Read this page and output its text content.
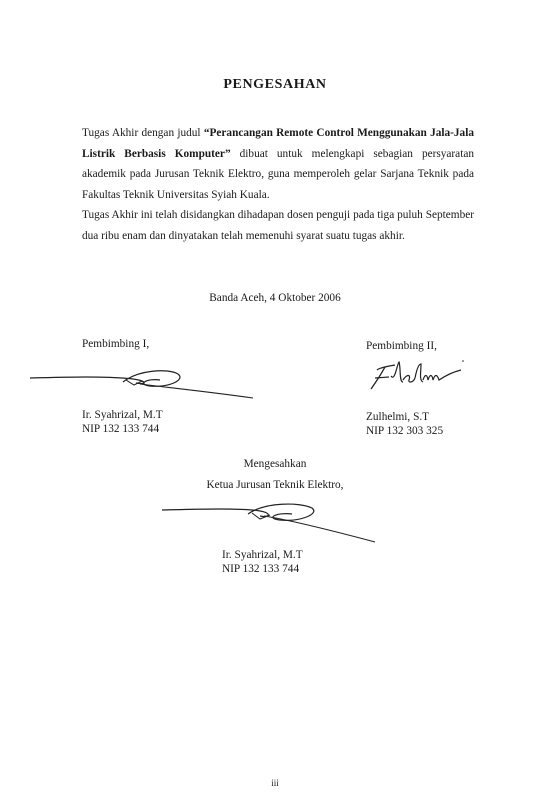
PENGESAHAN
Tugas Akhir dengan judul “Perancangan Remote Control Menggunakan Jala-Jala Listrik Berbasis Komputer” dibuat untuk melengkapi sebagian persyaratan akademik pada Jurusan Teknik Elektro, guna memperoleh gelar Sarjana Teknik pada Fakultas Teknik Universitas Syiah Kuala.
Tugas Akhir ini telah disidangkan dihadapan dosen penguji pada tiga puluh September dua ribu enam dan dinyatakan telah memenuhi syarat suatu tugas akhir.
Banda Aceh, 4 Oktober 2006
Pembimbing I,
Ir. Syahrizal, M.T
NIP 132 133 744
Pembimbing II,
Zulhelmi, S.T
NIP 132 303 325
Mengesahkan
Ketua Jurusan Teknik Elektro,
Ir. Syahrizal, M.T
NIP 132 133 744
iii
